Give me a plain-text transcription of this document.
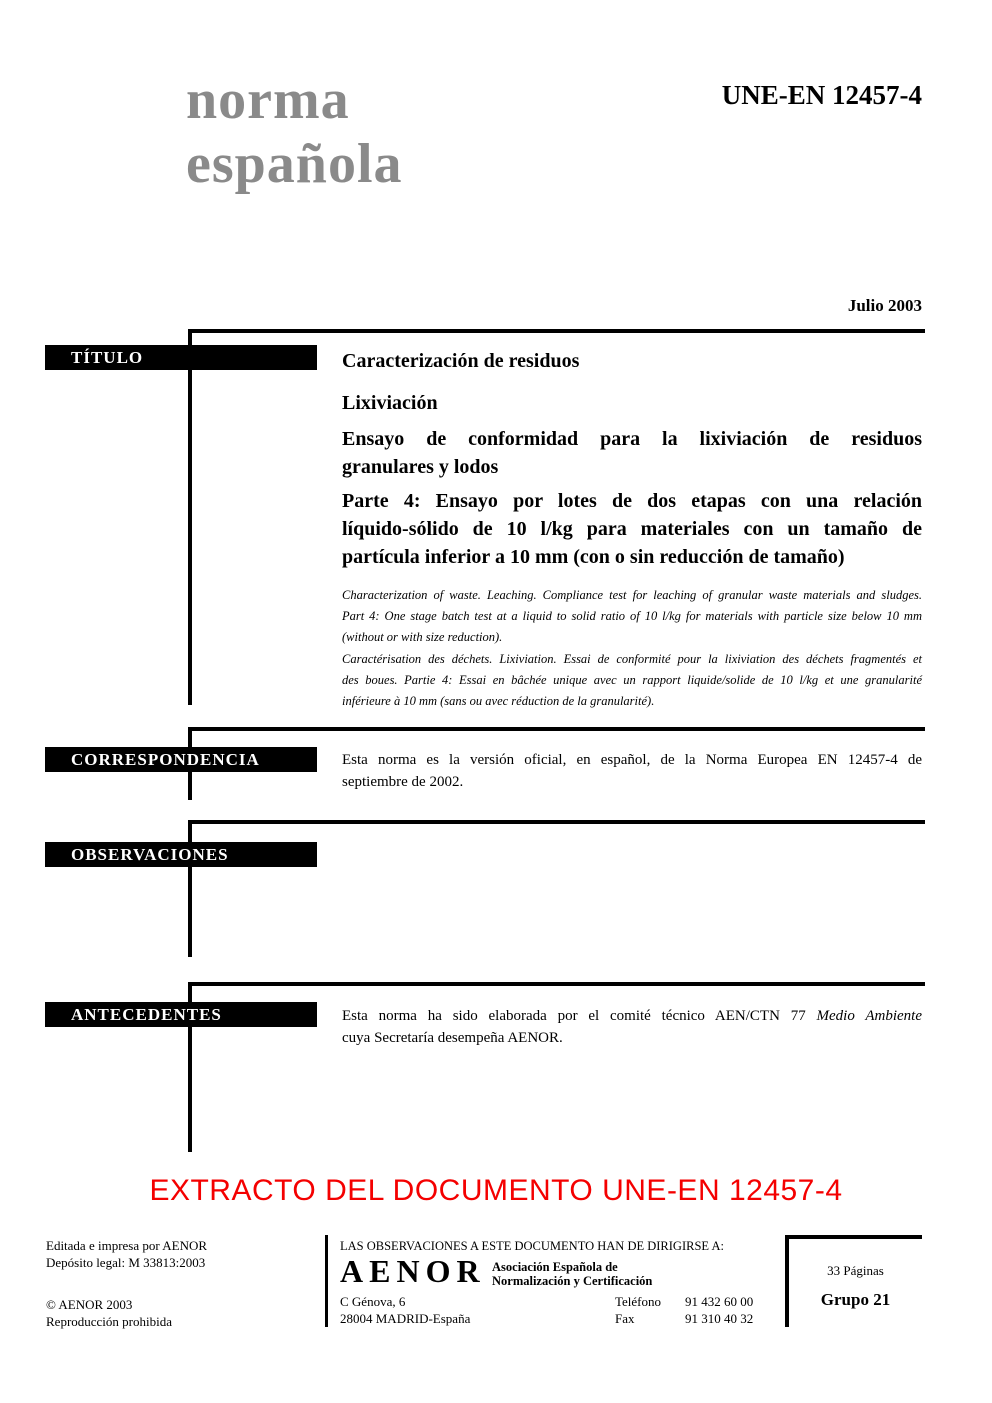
norma
española
UNE-EN 12457-4
Julio 2003
TÍTULO	Caracterización de residuos
Lixiviación
Ensayo de conformidad para la lixiviación de residuos
granulares y lodos
Parte 4: Ensayo por lotes de dos etapas con una relación
líquido-sólido de 10 l/kg para materiales con un tamaño de
partícula inferior a 10 mm (con o sin reducción de tamaño)
Characterization of waste. Leaching. Compliance test for leaching of granular waste materials and sludges.
Part 4: One stage batch test at a liquid to solid ratio of 10 l/kg for materials with particle size below 10 mm
(without or with size reduction).
Caractérisation des déchets. Lixiviation. Essai de conformité pour la lixiviation des déchets fragmentés et
des boues. Partie 4: Essai en bâchée unique avec un rapport liquide/solide de 10 l/kg et une granularité
inférieure à 10 mm (sans ou avec réduction de la granularité).
CORRESPONDENCIA	Esta norma es la versión oficial, en español, de la Norma Europea EN 12457-4 de
septiembre de 2002.
OBSERVACIONES
ANTECEDENTES	Esta norma ha sido elaborada por el comité técnico AEN/CTN 77 Medio Ambiente
cuya Secretaría desempeña AENOR.
EXTRACTO DEL DOCUMENTO UNE-EN 12457-4
Editada e impresa por AENOR
Depósito legal: M 33813:2003
© AENOR 2003
Reproducción prohibida
LAS OBSERVACIONES A ESTE DOCUMENTO HAN DE DIRIGIRSE A:
AENOR Asociación Española de
Normalización y Certificación
C Génova, 6
28004 MADRID-España
Teléfono 91 432 60 00
Fax	91 310 40 32
33 Páginas
Grupo 21
